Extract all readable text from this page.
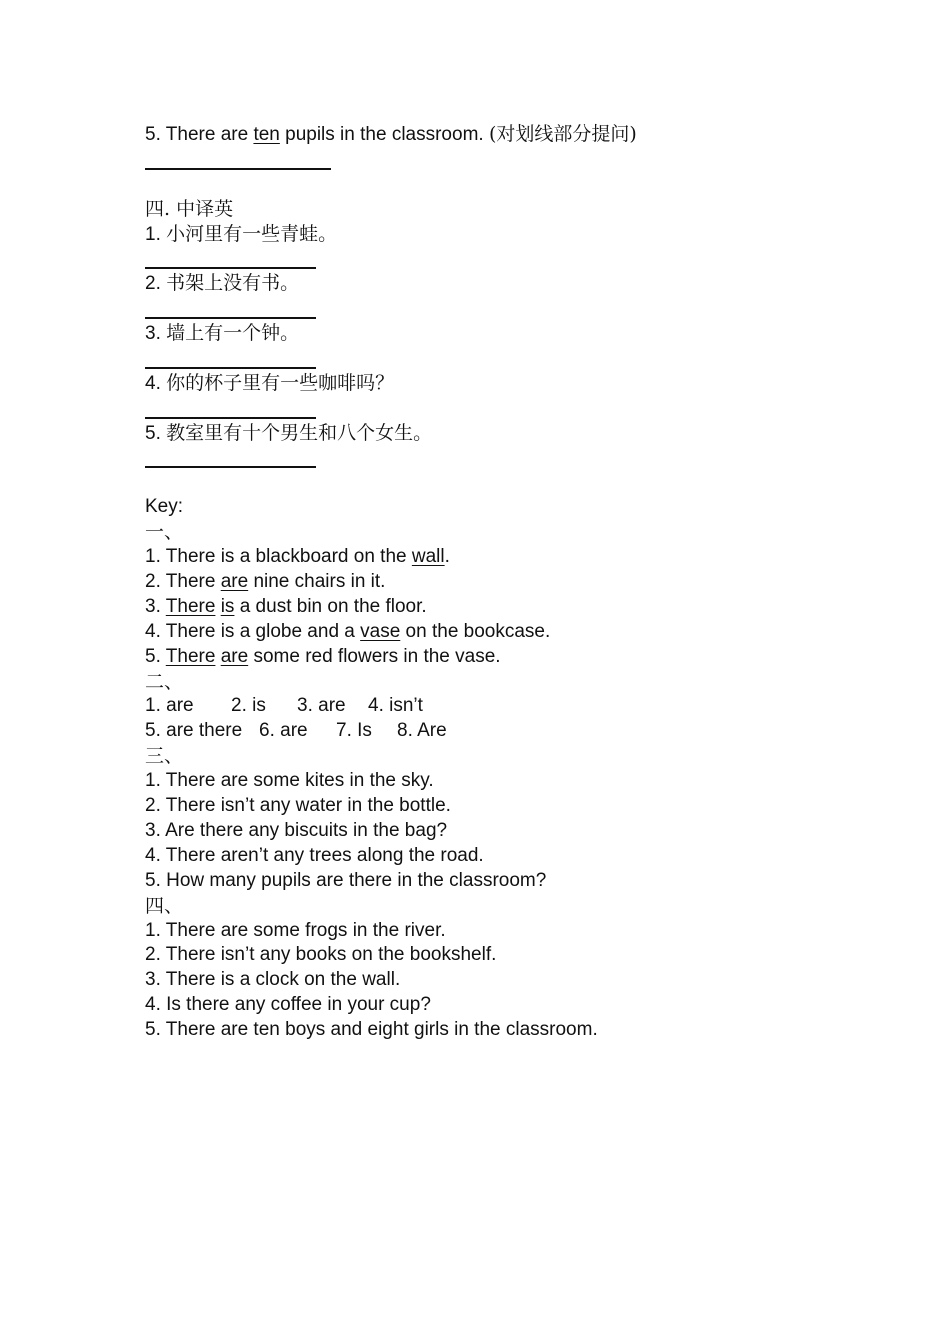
5. There are ten pupils in the classroom. (对划线部分提问)
四. 中译英
1. 小河里有一些青蛙。
2. 书架上没有书。
3. 墙上有一个钟。
4. 你的杯子里有一些咖啡吗？
5. 教室里有十个男生和八个女生。
Key:
一、
1. There is a blackboard on the wall.
2. There are nine chairs in it.
3. There is a dust bin on the floor.
4. There is a globe and a vase on the bookcase.
5. There are some red flowers in the vase.
二、
1. are 2. is 3. are 4. isn’t
5. are there 6. are 7. Is 8. Are
三、
1. There are some kites in the sky.
2. There isn’t any water in the bottle.
3. Are there any biscuits in the bag?
4. There aren’t any trees along the road.
5. How many pupils are there in the classroom?
四、
1. There are some frogs in the river.
2. There isn’t any books on the bookshelf.
3. There is a clock on the wall.
4. Is there any coffee in your cup?
5. There are ten boys and eight girls in the classroom.
